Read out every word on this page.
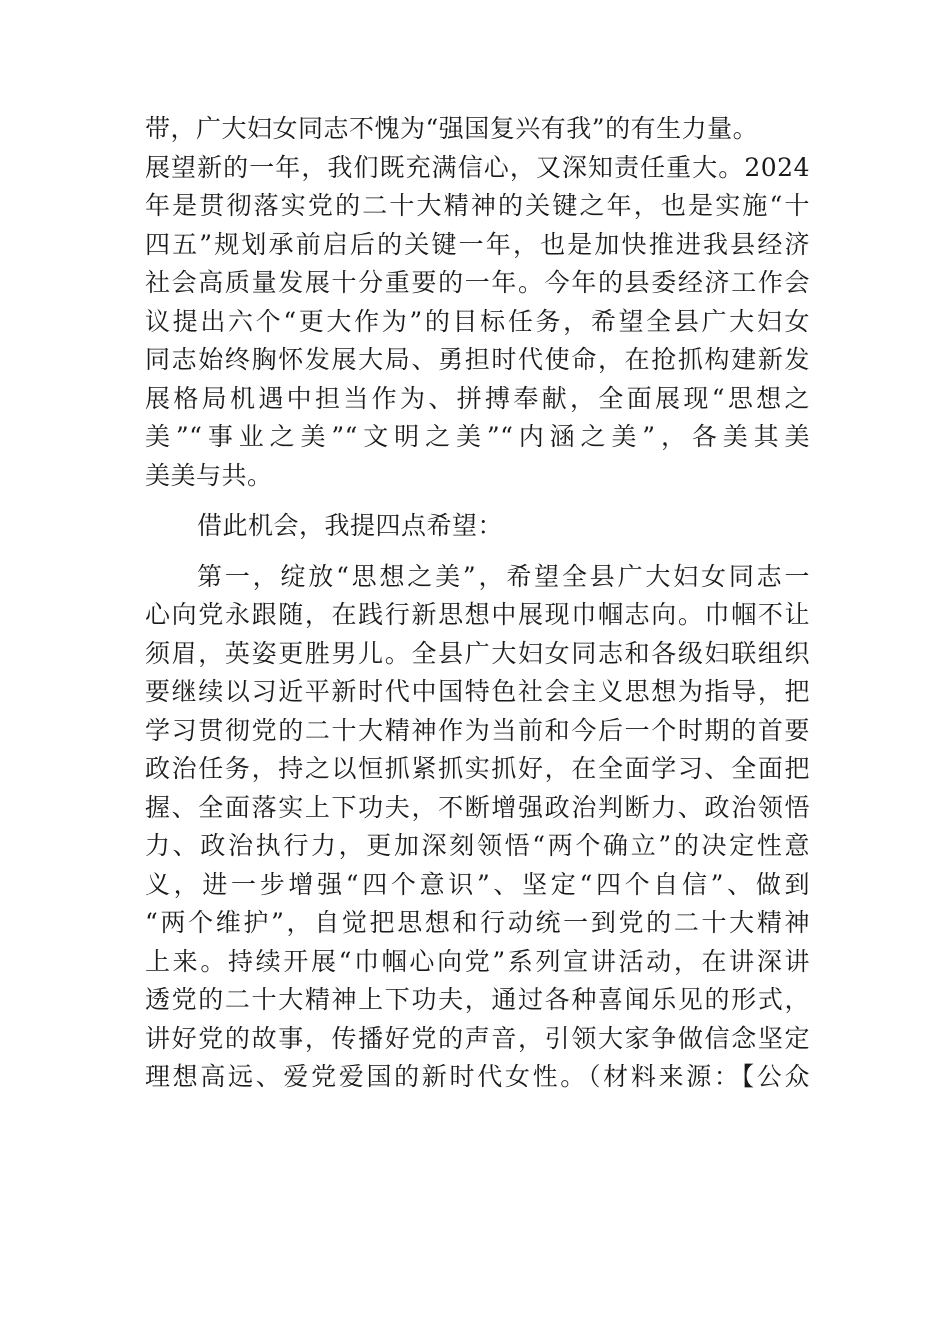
带，广大妇女同志不愧为“强国复兴有我”的有生力量。
展望新的一年，我们既充满信心，又深知责任重大。2024
年是贯彻落实党的二十大精神的关键之年，也是实施“十
四五”规划承前启后的关键一年，也是加快推进我县经济
社会高质量发展十分重要的一年。今年的县委经济工作会
议提出六个“更大作为”的目标任务，希望全县广大妇女
同志始终胸怀发展大局、勇担时代使命，在抢抓构建新发
展格局机遇中担当作为、拼搏奉献，全面展现“思想之
美”“事业之美”“文明之美”“内涵之美”，各美其美
美美与共。
借此机会，我提四点希望：
第一，绽放“思想之美”，希望全县广大妇女同志一
心向党永跟随，在践行新思想中展现巾帼志向。巾帼不让
须眉，英姿更胜男儿。全县广大妇女同志和各级妇联组织
要继续以习近平新时代中国特色社会主义思想为指导，把
学习贯彻党的二十大精神作为当前和今后一个时期的首要
政治任务，持之以恒抓紧抓实抓好，在全面学习、全面把
握、全面落实上下功夫，不断增强政治判断力、政治领悟
力、政治执行力，更加深刻领悟“两个确立”的决定性意
义，进一步增强“四个意识”、坚定“四个自信”、做到
“两个维护”，自觉把思想和行动统一到党的二十大精神
上来。持续开展“巾帼心向党”系列宣讲活动，在讲深讲
透党的二十大精神上下功夫，通过各种喜闻乐见的形式，
讲好党的故事，传播好党的声音，引领大家争做信念坚定
理想高远、爱党爱国的新时代女性。（材料来源：【公众
